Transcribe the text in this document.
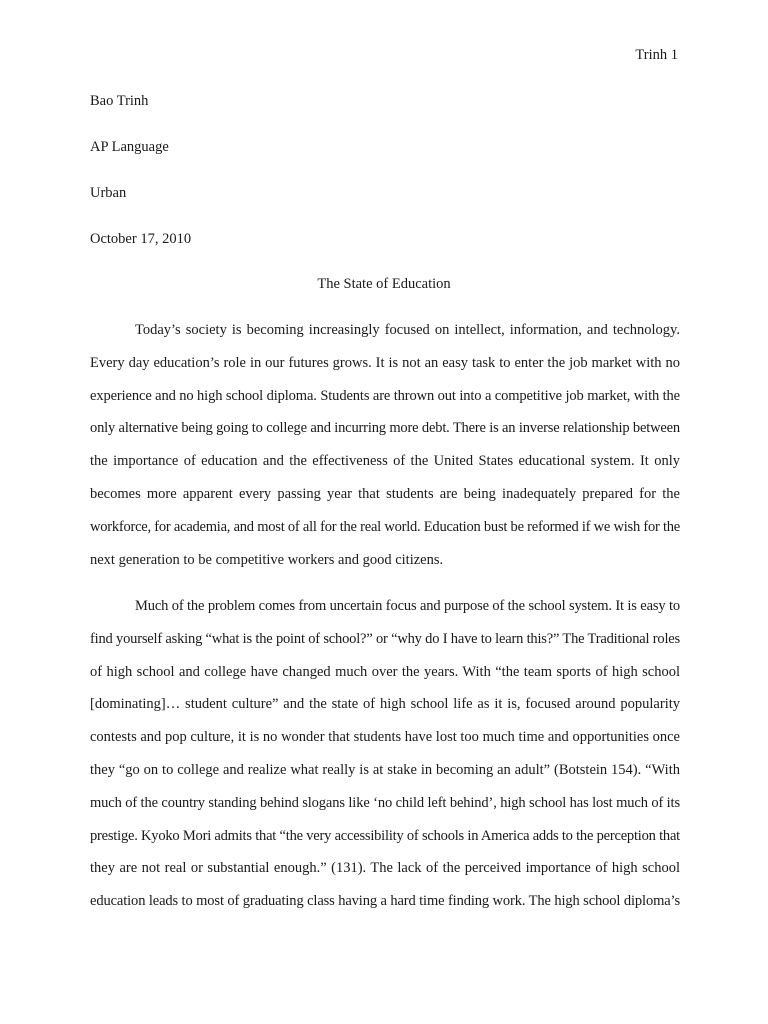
Trinh 1
Bao Trinh
AP Language
Urban
October 17, 2010
The State of Education
Today’s society is becoming increasingly focused on intellect, information, and technology.
Every day education’s role in our futures grows. It is not an easy task to enter the job market with no
experience and no high school diploma. Students are thrown out into a competitive job market, with the
only alternative being going to college and incurring more debt. There is an inverse relationship between
the importance of education and the effectiveness of the United States educational system. It only
becomes more apparent every passing year that students are being inadequately prepared for the
workforce, for academia, and most of all for the real world. Education bust be reformed if we wish for the
next generation to be competitive workers and good citizens.
Much of the problem comes from uncertain focus and purpose of the school system. It is easy to
find yourself asking “what is the point of school?” or “why do I have to learn this?” The Traditional roles
of high school and college have changed much over the years. With “the team sports of high school
[dominating]… student culture” and the state of high school life as it is, focused around popularity
contests and pop culture, it is no wonder that students have lost too much time and opportunities once
they “go on to college and realize what really is at stake in becoming an adult” (Botstein 154). “With
much of the country standing behind slogans like ‘no child left behind’, high school has lost much of its
prestige. Kyoko Mori admits that “the very accessibility of schools in America adds to the perception that
they are not real or substantial enough.” (131). The lack of the perceived importance of high school
education leads to most of graduating class having a hard time finding work. The high school diploma’s
